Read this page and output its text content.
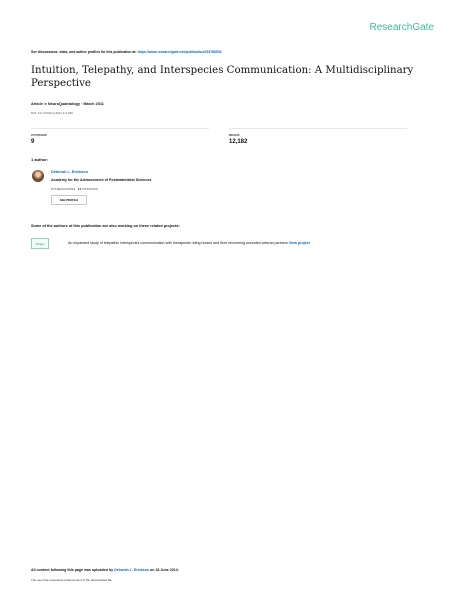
ResearchGate
See discussions, stats, and author profiles for this publication at: https://www.researchgate.net/publication/233786533
Intuition, Telepathy, and Interspecies Communication: A Multidisciplinary Perspective
Article in NeuroQuantology · March 2011
DOI: 10.14704/nq.2011.1.9.399
CITATIONS
9
READS
12,182
1 author:
Deborah L. Erickson
Academy for the Advancement of Postmaterialist Sciences
7 PUBLICATIONS 17 CITATIONS
SEE PROFILE
Some of the authors of this publication are also working on these related projects:
Project	An expanded study of telepathic interspecies communication with therapeutic riding horses and their recovering wounded veteran partners View project
All content following this page was uploaded by Deborah L. Erickson on 18 June 2014.
The user has requested enhancement of the downloaded file.
